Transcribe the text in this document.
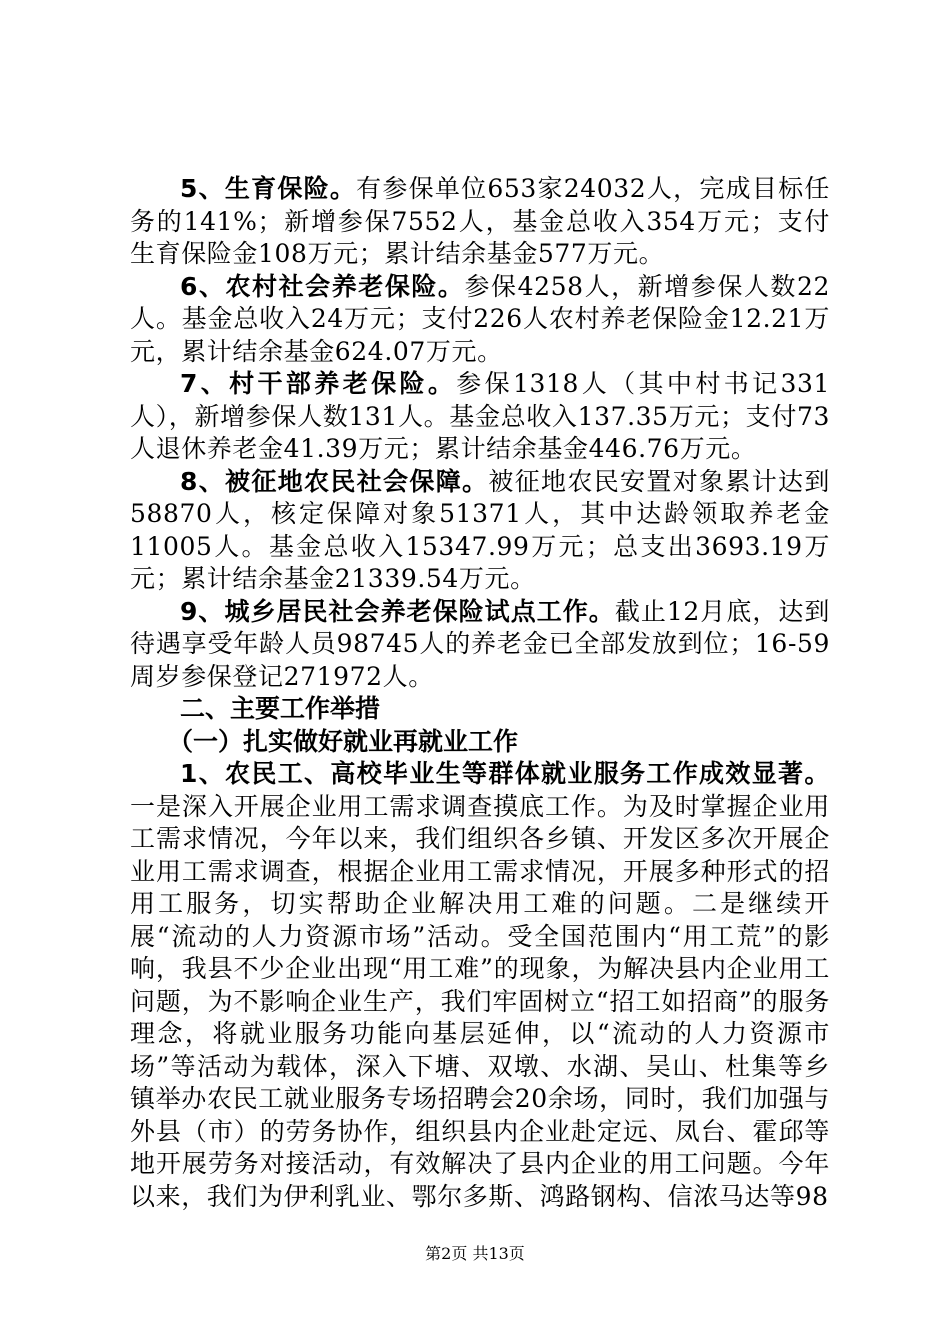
5、生育保险。有参保单位653家24032人，完成目标任务的141%；新增参保7552人，基金总收入354万元；支付生育保险金108万元；累计结余基金577万元。

6、农村社会养老保险。参保4258人，新增参保人数22人。基金总收入24万元；支付226人农村养老保险金12.21万元，累计结余基金624.07万元。

7、村干部养老保险。参保1318人（其中村书记331人），新增参保人数131人。基金总收入137.35万元；支付73人退休养老金41.39万元；累计结余基金446.76万元。

8、被征地农民社会保障。被征地农民安置对象累计达到58870人，核定保障对象51371人，其中达龄领取养老金11005人。基金总收入15347.99万元；总支出3693.19万元；累计结余基金21339.54万元。

9、城乡居民社会养老保险试点工作。截止12月底，达到待遇享受年龄人员98745人的养老金已全部发放到位；16-59周岁参保登记271972人。

二、主要工作举措

（一）扎实做好就业再就业工作

1、农民工、高校毕业生等群体就业服务工作成效显著。一是深入开展企业用工需求调查摸底工作。为及时掌握企业用工需求情况，今年以来，我们组织各乡镇、开发区多次开展企业用工需求调查，根据企业用工需求情况，开展多种形式的招用工服务，切实帮助企业解决用工难的问题。二是继续开展“流动的人力资源市场”活动。受全国范围内“用工荒”的影响，我县不少企业出现“用工难”的现象，为解决县内企业用工问题，为不影响企业生产，我们牢固树立“招工如招商”的服务理念，将就业服务功能向基层延伸，以“流动的人力资源市场”等活动为载体，深入下塘、双墩、水湖、吴山、杜集等乡镇举办农民工就业服务专场招聘会20余场，同时，我们加强与外县（市）的劳务协作，组织县内企业赴定远、凤台、霍邱等地开展劳务对接活动，有效解决了县内企业的用工问题。今年以来，我们为伊利乳业、鄂尔多斯、鸿路钢构、信浓马达等98

第2页 共13页
